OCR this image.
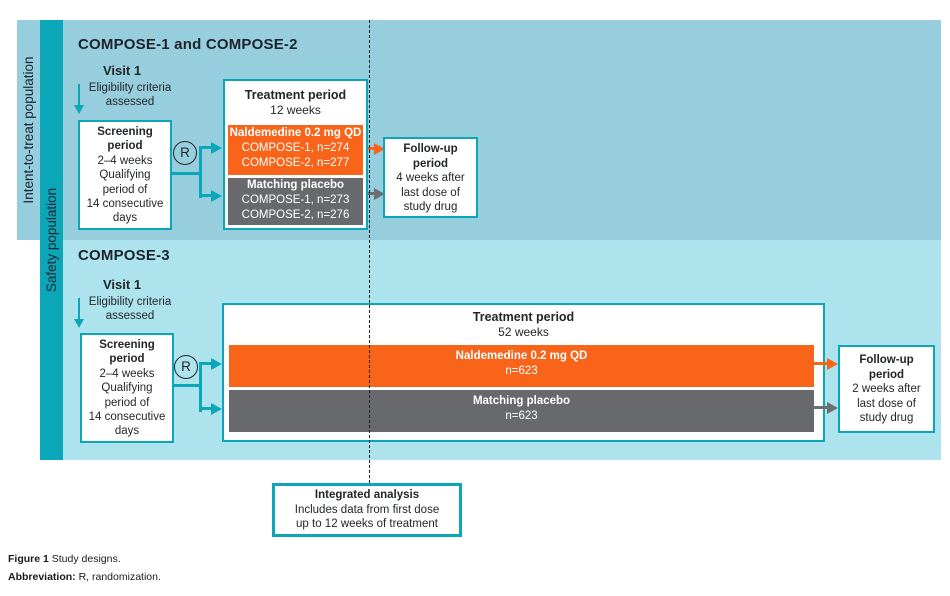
Intent-to-treat population
Safety population
COMPOSE-1 and COMPOSE-2
Visit 1
Eligibility criteria
assessed
Screening
period
2–4 weeks
Qualifying
period of
14 consecutive
days
R
Treatment period
12 weeks
Naldemedine 0.2 mg QD
COMPOSE-1, n=274
COMPOSE-2, n=277
Matching placebo
COMPOSE-1, n=273
COMPOSE-2, n=276
Follow-up
period
4 weeks after
last dose of
study drug
COMPOSE-3
Visit 1
Eligibility criteria
assessed
Screening
period
2–4 weeks
Qualifying
period of
14 consecutive
days
R
Treatment period
52 weeks
Naldemedine 0.2 mg QD
n=623
Matching placebo
n=623
Follow-up
period
2 weeks after
last dose of
study drug
Integrated analysis
Includes data from first dose
up to 12 weeks of treatment
Figure 1 Study designs.
Abbreviation: R, randomization.
